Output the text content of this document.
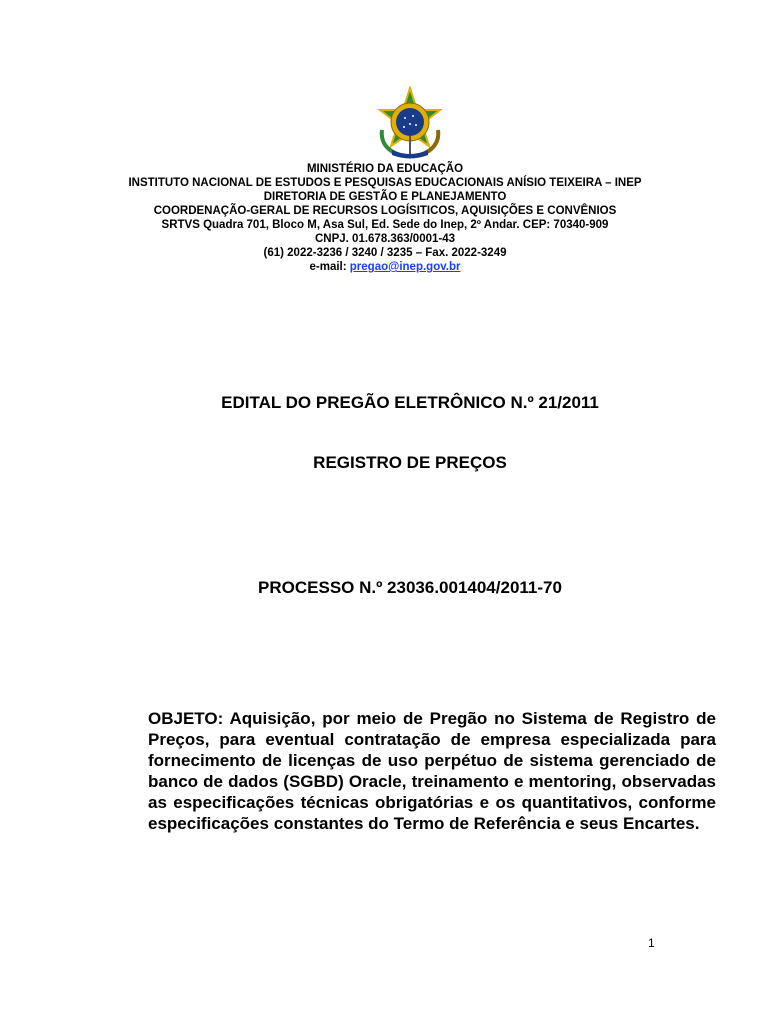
MINISTÉRIO DA EDUCAÇÃO
INSTITUTO NACIONAL DE ESTUDOS E PESQUISAS EDUCACIONAIS ANÍSIO TEIXEIRA – INEP
DIRETORIA DE GESTÃO E PLANEJAMENTO
COORDENAÇÃO-GERAL DE RECURSOS LOGÍSITICOS, AQUISIÇÕES E CONVÊNIOS
SRTVS Quadra 701, Bloco M, Asa Sul, Ed. Sede do Inep, 2º Andar. CEP: 70340-909
CNPJ. 01.678.363/0001-43
(61) 2022-3236 / 3240 / 3235 – Fax. 2022-3249
e-mail: pregao@inep.gov.br
EDITAL DO PREGÃO ELETRÔNICO N.º 21/2011
REGISTRO DE PREÇOS
PROCESSO N.º 23036.001404/2011-70
OBJETO: Aquisição, por meio de Pregão no Sistema de Registro de Preços, para eventual contratação de empresa especializada para fornecimento de licenças de uso perpétuo de sistema gerenciado de banco de dados (SGBD) Oracle, treinamento e mentoring, observadas as especificações técnicas obrigatórias e os quantitativos, conforme especificações constantes do Termo de Referência e seus Encartes.
1
